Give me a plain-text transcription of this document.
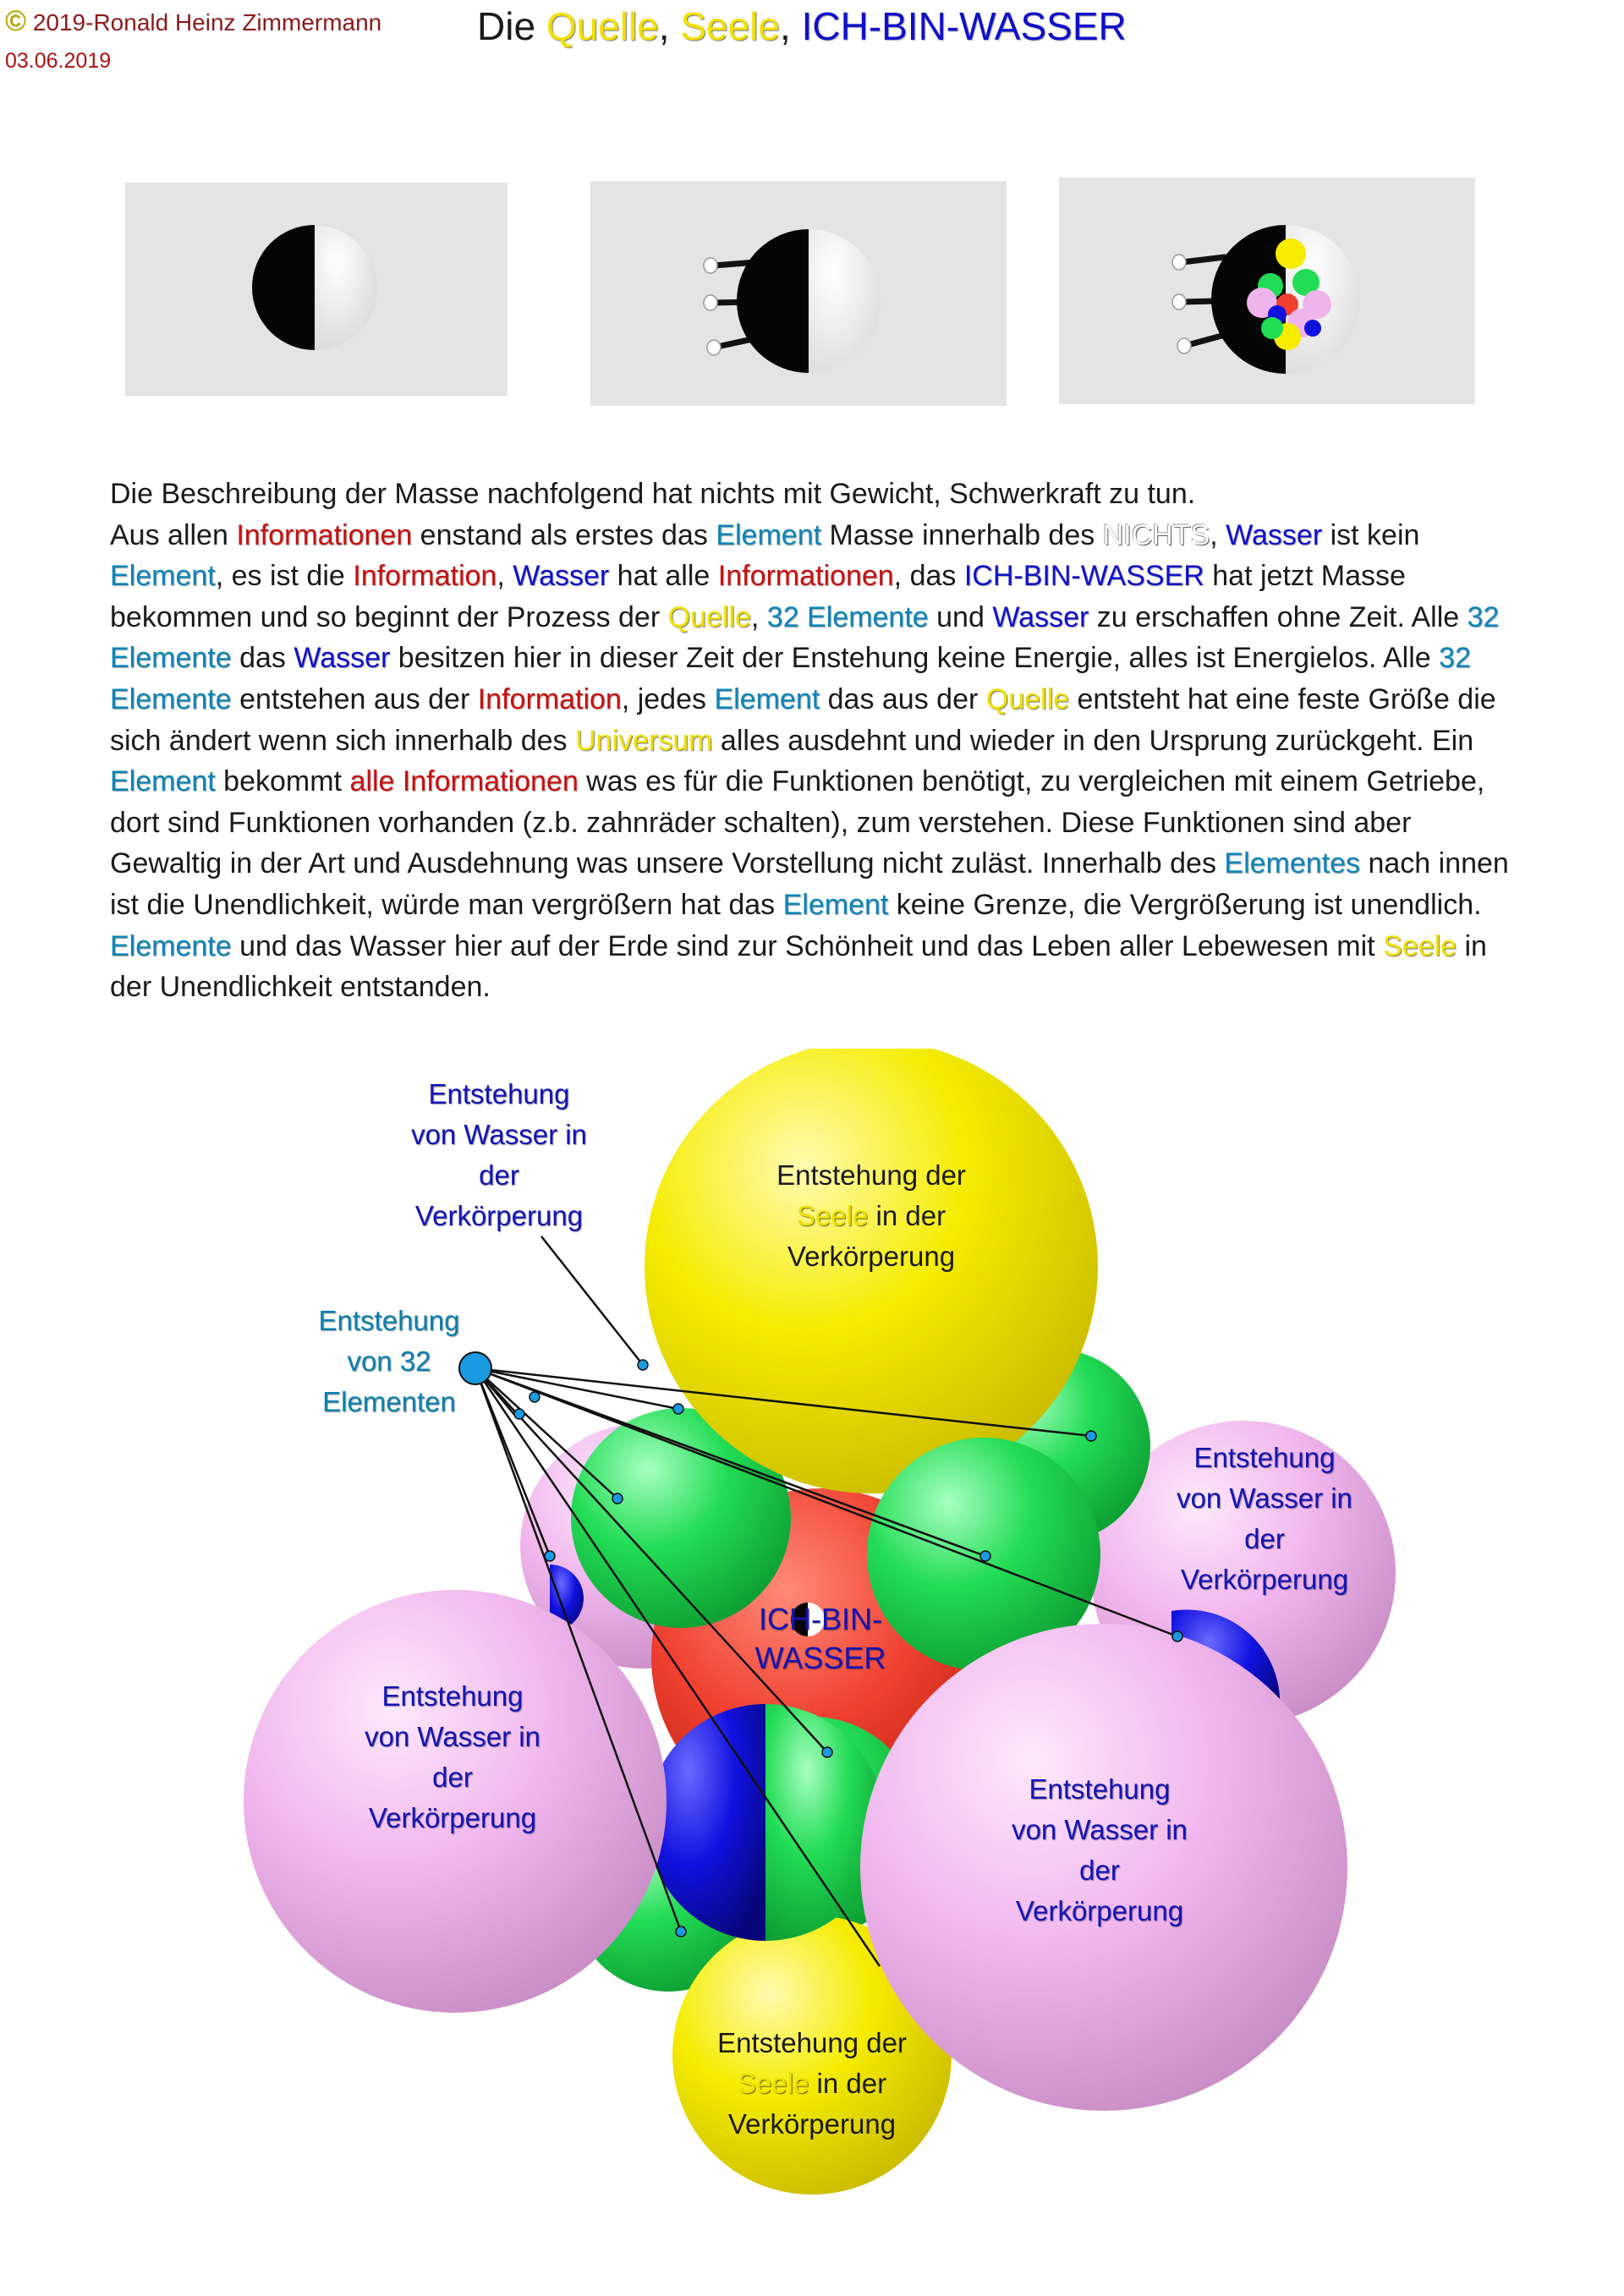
© 2019-Ronald Heinz Zimmermann
03.06.2019
Die Quelle, Seele, ICH-BIN-WASSER

Die Beschreibung der Masse nachfolgend hat nichts mit Gewicht, Schwerkraft zu tun.

Aus allen Informationen enstand als erstes das Element Masse innerhalb des NICHTS, Wasser ist kein Element, es ist die Information, Wasser hat alle Informationen, das ICH-BIN-WASSER hat jetzt Masse bekommen und so beginnt der Prozess der Quelle, 32 Elemente und Wasser zu erschaffen ohne Zeit. Alle 32 Elemente das Wasser besitzen hier in dieser Zeit der Enstehung keine Energie, alles ist Energielos. Alle 32 Elemente entstehen aus der Information, jedes Element das aus der Quelle entsteht hat eine feste Größe die sich ändert wenn sich innerhalb des Universum alles ausdehnt und wieder in den Ursprung zurückgeht. Ein Element bekommt alle Informationen was es für die Funktionen benötigt, zu vergleichen mit einem Getriebe, dort sind Funktionen vorhanden (z.b. zahnräder schalten), zum verstehen. Diese Funktionen sind aber Gewaltig in der Art und Ausdehnung was unsere Vorstellung nicht zuläst. Innerhalb des Elementes nach innen ist die Unendlichkeit, würde man vergrößern hat das Element keine Grenze, die Vergrößerung ist unendlich.

Elemente und das Wasser hier auf der Erde sind zur Schönheit und das Leben aller Lebewesen mit Seele in der Unendlichkeit entstanden.

Entstehung
von Wasser in
der
Verkörperung
Entstehung
von 32
Elementen
Entstehung der
Seele in der
Verkörperung
Entstehung
von Wasser in
der
Verkörperung
ICH-BIN-
WASSER
Entstehung
von Wasser in
der
Verkörperung
Entstehung
von Wasser in
der
Verkörperung
Entstehung der
Seele in der
Verkörperung
